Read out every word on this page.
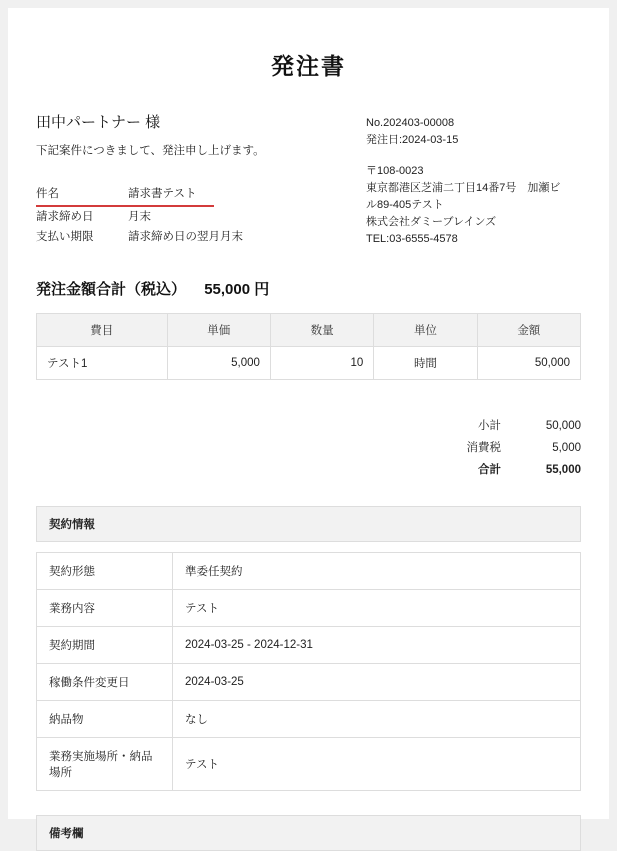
発注書
田中パートナー 様
下記案件につきまして、発注申し上げます。
件名	請求書テスト
請求締め日	月末
支払い期限	請求締め日の翌月月末
No.202403-00008
発注日:2024-03-15
〒108-0023
東京都港区芝浦二丁目14番7号　加瀬ビ
ル89-405テスト
株式会社ダミーブレインズ
TEL:03-6555-4578
発注金額合計（税込） 55,000 円
費目	単価	数量	単位	金額
テスト1	5,000	10	時間	50,000
小計	50,000
消費税	5,000
合計	55,000
契約情報
契約形態	準委任契約
業務内容	テスト
契約期間	2024-03-25 - 2024-12-31
稼働条件変更日	2024-03-25
納品物	なし
業務実施場所・納品場所	テスト
備考欄
